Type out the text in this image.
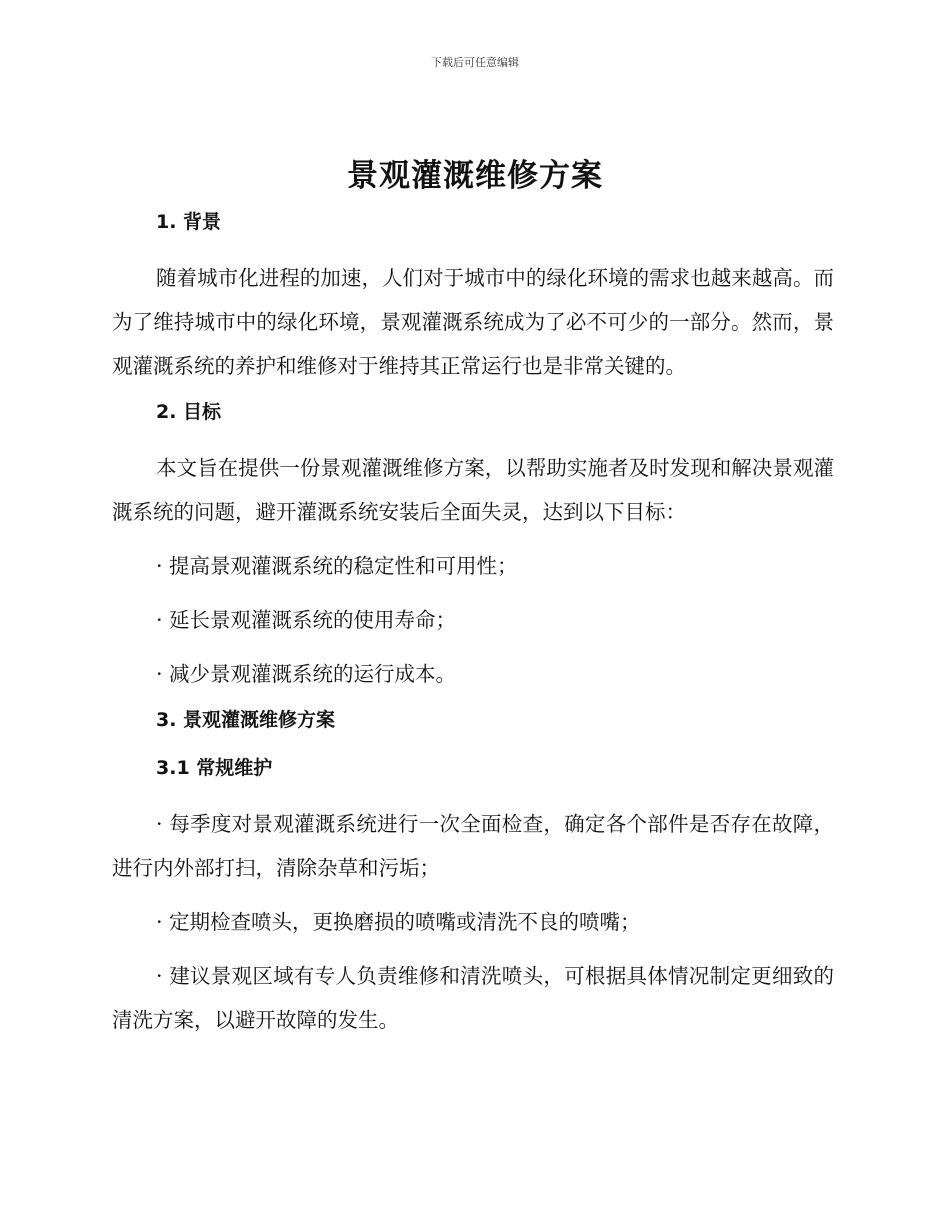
下载后可任意编辑
景观灌溉维修方案
1. 背景

随着城市化进程的加速，人们对于城市中的绿化环境的需求也越来越高。而为了维持城市中的绿化环境，景观灌溉系统成为了必不可少的一部分。然而，景观灌溉系统的养护和维修对于维持其正常运行也是非常关键的。

2. 目标

本文旨在提供一份景观灌溉维修方案，以帮助实施者及时发现和解决景观灌溉系统的问题，避开灌溉系统安装后全面失灵，达到以下目标：

· 提高景观灌溉系统的稳定性和可用性；

· 延长景观灌溉系统的使用寿命；

· 减少景观灌溉系统的运行成本。

3. 景观灌溉维修方案
3.1 常规维护

· 每季度对景观灌溉系统进行一次全面检查，确定各个部件是否存在故障，进行内外部打扫，清除杂草和污垢；

· 定期检查喷头，更换磨损的喷嘴或清洗不良的喷嘴；

· 建议景观区域有专人负责维修和清洗喷头，可根据具体情况制定更细致的清洗方案，以避开故障的发生。
